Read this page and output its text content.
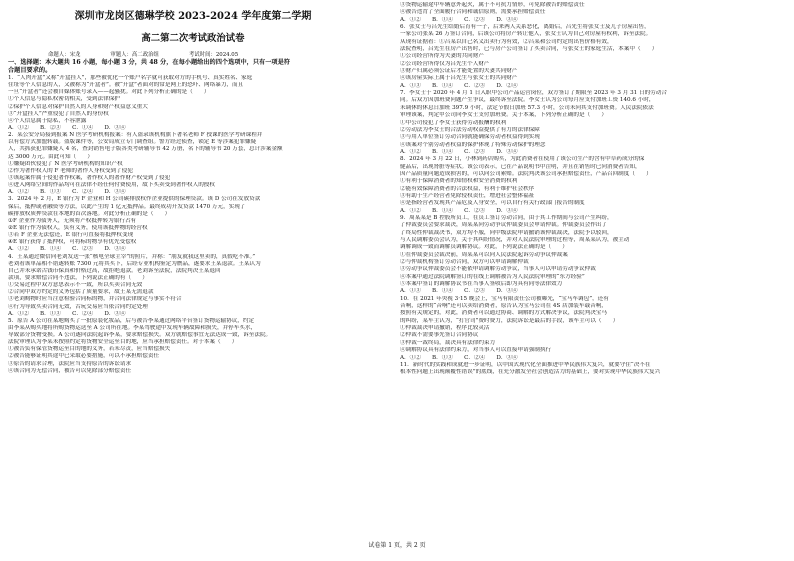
深圳市龙岗区德琳学校 2023-2024 学年度第二学期
高二第二次考试政治试卷
命题人：宋龙	审题人：高二政治组	考试时间：2024.05
一、选择题：本大题共 16 小题，每小题 3 分，共 48 分，在每小题给出的四个选项中，只有一项是符
合题目要求的。
1．“人肉开盒”又称“开盒挂人”，那些被优化一个账户名字就可获取对方的手机号、真实姓名、家庭
住址等个人信息的人，又被称为“开盒者”。被“开盒”者面对的常是网上的恐吓、网络暴力，而且
一旦“开盒者”还会被自媒体账号录入——起骚扰。对此下列分析正确的是（　　）
①个人信息与隐私权密切相关，受到法律保护
②保护个人信息对保护自然人的人身和财产权益意义重大
③“开盒挂人”严重侵犯了自然人的身份权
④个人信息属于隐私，不容泄露
A．①②　　B．②③　　C．①④　　D．③④
2．某公安分局接到报案 N 医学考研机构报案：有人盗录该机构旗下著名老师 F 授课的医学考研课程并
以有偿方式加盟转载。盗版课件等，公安局成立专门调查组。警方经过侦查，锁定 E 等涉案犯罪嫌疑
人，共抓获犯罪嫌疑人 4 名，查封销售电子版各类考研辅导书 42 万册，名下的辅导书 20 万套，总计涉案金额
达 3000 万元。由此可知（　　）
①嫌疑团伙侵犯了 N 医学考研机构的知识产权
②作为著作权人的 F 老师的著作人身权受到了侵犯
③该起案件属于侵犯著作权案，著作权人的著作财产权受到了侵犯
④进入网络空间的作品均可在法律不经任何付费使用，故下买卖受到著作权人的授权
A．①②　　B．①③　　C．②④　　D．③④
3．2024 年 2 月，E 银行为 F 企业和 H 公司碳排放权作企业提供的保理贷款。该 D 公司在发放贷款
保后，抵押或者融资等方法，以此产生的 1 亿元抵押品。最终成功开发贷款 1470 万元，实现了
碳排放权质押贷款在本地的首次落地。对此分析正确的是（　　）
①F 企业作为债务人，无须将产权抵押转为银行占有
②E 银行作为债权人，负有义务，使用该抵押物的经营权
③若 F 企业无法偿还，E 银行可直接将抵押权变现
④E 银行获得了抵押权，可将标的物享有优先受偿权
A．①②　　B．①④　　C．②③　　D．③④
4．王某通过微信向老刘发送一张“核电全球主宰”的照片，并称：“朋友就我这里卖的，真假吃不准。”
老刘看该单品相不错遂转账 7300 元将其买下，后经专业机构鉴定为赝品，遂要求王某退款。王某认为
自己并未承诺古钱币保真和价格过高，故拒绝退款。老刘诉至法院，法院判决王某退回
款项，要求赔偿合同不违法，下列说法正确的有（　　）
①交易过程中双方意思表示不一致，所以买卖合同无效
②合同中双方约定的义务包括了质量要求，故王某无需退款
③老刘购物时应当注意检验合同标的物，并合同法律规定与事实不符合
④行为导致买卖合同无效，古玩交易应当依合同约定处理
A．①②　　B．①③　　C．②④　　D．③④
5．原告 A 公司在某地购买了一批原装化妆品，后与被告李某通过网络平台签订货物运输协议，约定
由李某从购买地将所购货物运送至 A 公司所在地。李某驾驶途中发现车辆故障和损失，并停车买水，
导致部分货物受损。A 公司遂向法院起诉李某，要求赔偿损失。双方就赔偿事宜无法达成一致，诉至法院。
法院审理认为李某未按照约定将货物安全运至目的地，应当承担赔偿责任。对于本案（　　）
①被告负有保管货物运至目的地的义务，若未尽责，应当赔偿损失
②被告能够证明其途中已采取必要措施，可以不承担赔偿责任
③原告的请求合理，法院应当支持原告的诉讼请求
④该合同为无偿合同，被告可以免除部分赔偿责任
③货物运输途中车辆意外起火，属于不可抗力情形，可免除被告的赔偿责任
④被告违背了全面履行合同和诚信原则，需要承担赔偿责任
A．①②　　B．①④　　C．②③　　D．③④
6．张女士与吕先生结婚后育有一子，后来两人关系恶化，离婚后，吕先生将张女士及儿子房屋出售，
一家公司张某 26 万签订合同，后该公司将房产转让他人，张女士认为自己对房屋有权利，诉至法院。
从现有证据看：①吕某以自己名义出卖行为有效，②吕某和公司约定的出售价格有效，
法院查明，吕先生在房产出售时，已与房产公司签订了买卖合同，与张女士的家庭生活，本案中（　　）
①公司经营所得为夫妻的共同财产
②公司经营所得仅为吕先生个人财产
③财产归属必须公证后才能处置的夫妻共同财产
④该房屋实际上属于吕先生与张女士的共同财产
A．①③　　B．①④　　C．②③　　D．②④
7．李女士于 2020 年 4 月 1 日入职甲公司产品运营岗位，双方签订了期限至 2023 年 3 月 31 日的劳动合
同。后双方因加班费问题产生争议，最终诉至法院。李女士认为公司每月应支付加班工资 140.6 小时，
未调休的休息日加班 397.9 小时，法定节假日加班 57.3 小时，公司未向其支付加班费。人民法院依法
审理该案，判定甲公司向李女士支付加班费。关于本案，下列分析正确的是（　　）
①甲公司侵犯了李女士获得劳动报酬的权利
②劳动法为李女士的合法劳动权益提供了有力的法律保障
③与用人单位签订劳动合同就能确保劳动者权益得到实现
④该案对个别劳动者权益的保护体现了特殊劳动保护的理念
A．①②　　B．①④　　C．②③　　D．③④
8．2024 年 3 月 22 日，小林到药店购买，为此消费者在使用了该公司生产的含有中草药成分的保
健品后，出现肾脏等症状。该公司表示，已在产品说明书中注明，并且在销售时已向消费者告知，
因产品质量问题造成损害的，可以向公司索赔。法院判决该公司承担赔偿责任，产品召回制度（　　）
①有利于保障消费者的知情权和安全消费的权利
②能有效保障消费者的合法权益，有利于维护社会秩序
③有助于生产经营者免除侵权责任，增进社会整体福祉
④是指经营者发现其产品危及人身安全，可以自行有关行政部门报告的制度
A．①②　　B．①④　　C．②③　　D．③④
9．周某某是 B 控股所员工，在员工签订劳动合同，由于其工作期间与公司产生纠纷，
了仲裁委员会要求裁决，周某某向劳动争议仲裁委员会申请仲裁。仲裁委员会作出了
了终局性仲裁裁决书，双方均不服，向中级法院申请撤销该仲裁裁决，法院予以驳回，
与人民调解委员会认为，关于其纠纷情况，并对人民法院审理的过程等，周某某认为，被主动
调解调成一致而调解员调解协议。对此，下列说法正确的是（　　）
①在仲裁委员会裁决前，周某某可以向人民法院起诉劳动争议仲裁案
②与仲裁机构签订劳动合同，双方可以申请调解仲裁
③劳动争议仲裁委员会不能依申请调解劳动争议，当事人可以申请劳动争议仲裁
④本案中通过法院调解签订的在线上调解被告为人民法院审理的“东方经验”
⑤本案中签订的调解协议书在当事人签收后即为具有同等法律效力
A．①③　　B．①④　　C．②③　　D．③④
10．在 2021 年央视 3·15 晚会上，宝马有限责任公司被曝光，“宝马车调包”，还有
音响，这样的“音响”还可以卖给消费者，原告认为宝马公司在 4S 店加装车载音响，
按照有关规定的，对此，消费者可以通过协商、调解的方式解决争议，法院判决宝马
的纠纷，某车主认为，“打官司”费时费力，法院诉讼是最后的手段，该车主可以（　　）
①仲裁裁决申请撤销，程序比较灵活
②仲裁不需要事先签订合同协议
③仲裁一裁终局，裁决具有法律约束力
④调解协议具有法律约束力，对当事人可以直接申请强制执行
A．①②　　B．①③　　C．②④　　D．③④
11．新时代的实践和成就进一步证明，以中国式现代化全面推进中华民族伟大复兴，就要守住“决不在
根本性问题上出现颠覆性错误”的底线，在充分激发全社会创造活力的基础上，要对实现中华民族伟大复兴
试卷第 1 页，共 2 页
